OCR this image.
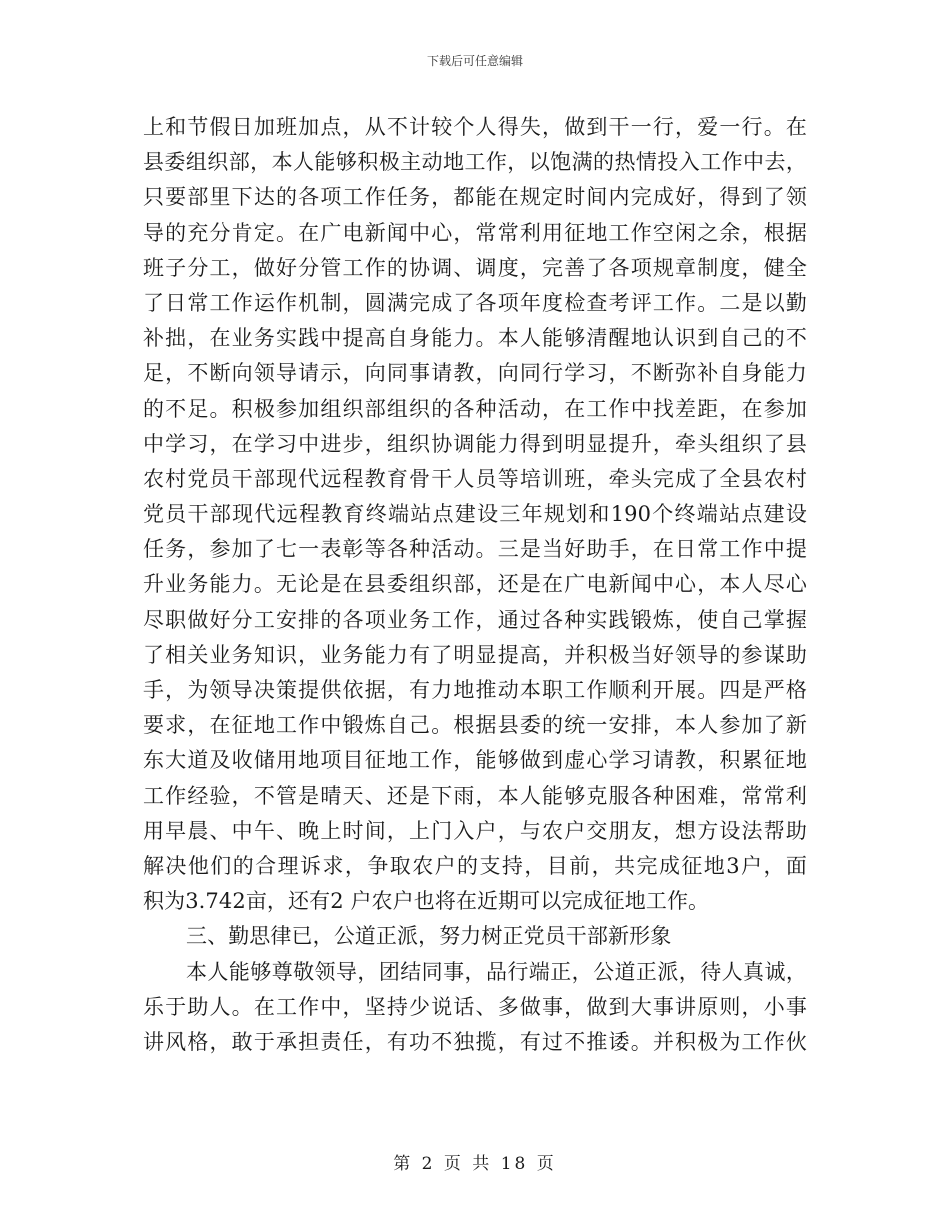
下载后可任意编辑
上和节假日加班加点，从不计较个人得失，做到干一行，爱一行。在
县委组织部，本人能够积极主动地工作，以饱满的热情投入工作中去，
只要部里下达的各项工作任务，都能在规定时间内完成好，得到了领
导的充分肯定。在广电新闻中心，常常利用征地工作空闲之余，根据
班子分工，做好分管工作的协调、调度，完善了各项规章制度，健全
了日常工作运作机制，圆满完成了各项年度检查考评工作。二是以勤
补拙，在业务实践中提高自身能力。本人能够清醒地认识到自己的不
足，不断向领导请示，向同事请教，向同行学习，不断弥补自身能力
的不足。积极参加组织部组织的各种活动，在工作中找差距，在参加
中学习，在学习中进步，组织协调能力得到明显提升，牵头组织了县
农村党员干部现代远程教育骨干人员等培训班，牵头完成了全县农村
党员干部现代远程教育终端站点建设三年规划和190个终端站点建设
任务，参加了七一表彰等各种活动。三是当好助手，在日常工作中提
升业务能力。无论是在县委组织部，还是在广电新闻中心，本人尽心
尽职做好分工安排的各项业务工作，通过各种实践锻炼，使自己掌握
了相关业务知识，业务能力有了明显提高，并积极当好领导的参谋助
手，为领导决策提供依据，有力地推动本职工作顺利开展。四是严格
要求，在征地工作中锻炼自己。根据县委的统一安排，本人参加了新
东大道及收储用地项目征地工作，能够做到虚心学习请教，积累征地
工作经验，不管是晴天、还是下雨，本人能够克服各种困难，常常利
用早晨、中午、晚上时间，上门入户，与农户交朋友，想方设法帮助
解决他们的合理诉求，争取农户的支持，目前，共完成征地3户，面
积为3.742亩，还有2 户农户也将在近期可以完成征地工作。
三、勤思律已，公道正派，努力树正党员干部新形象
本人能够尊敬领导，团结同事，品行端正，公道正派，待人真诚，
乐于助人。在工作中，坚持少说话、多做事，做到大事讲原则，小事
讲风格，敢于承担责任，有功不独揽，有过不推诿。并积极为工作伙
第 2 页 共 18 页
